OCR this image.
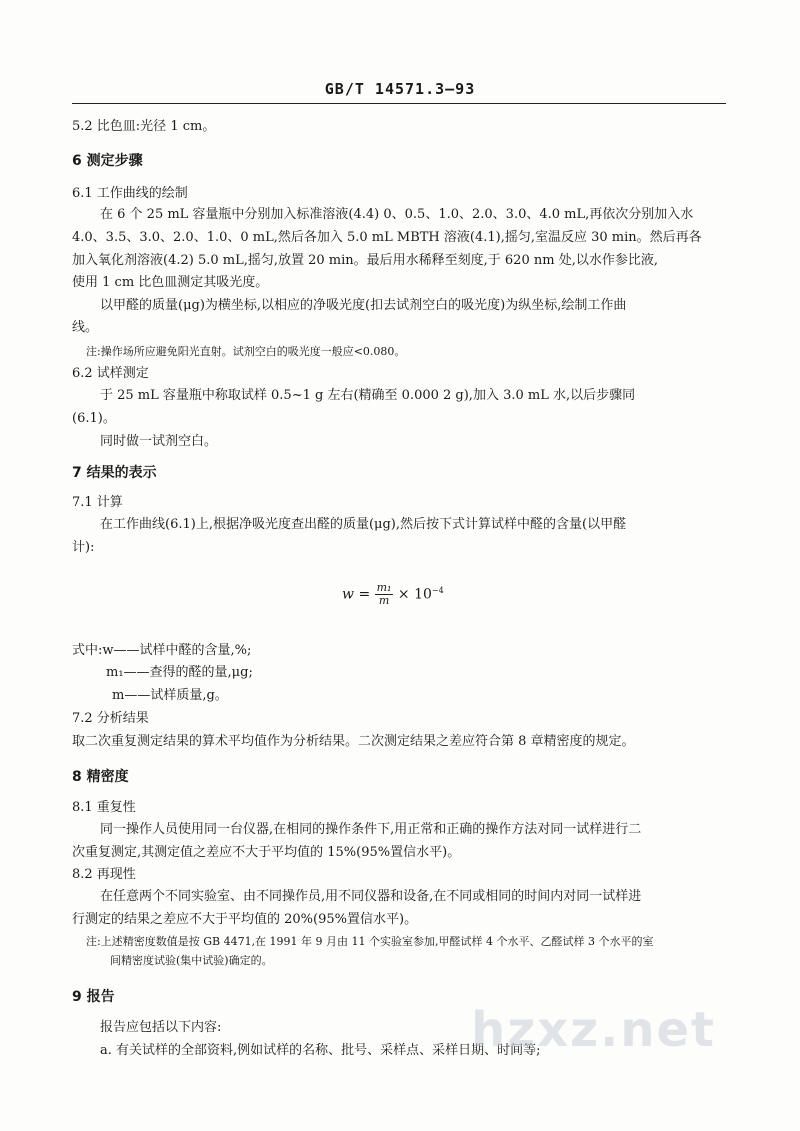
GB/T 14571.3—93
5.2 比色皿:光径 1 cm。
6 测定步骤
6.1 工作曲线的绘制
在 6 个 25 mL 容量瓶中分别加入标准溶液(4.4) 0、0.5、1.0、2.0、3.0、4.0 mL,再依次分别加入水
4.0、3.5、3.0、2.0、1.0、0 mL,然后各加入 5.0 mL MBTH 溶液(4.1),摇匀,室温反应 30 min。然后再各
加入氧化剂溶液(4.2) 5.0 mL,摇匀,放置 20 min。最后用水稀释至刻度,于 620 nm 处,以水作参比液,
使用 1 cm 比色皿测定其吸光度。
以甲醛的质量(μg)为横坐标,以相应的净吸光度(扣去试剂空白的吸光度)为纵坐标,绘制工作曲
线。
注:操作场所应避免阳光直射。试剂空白的吸光度一般应<0.080。
6.2 试样测定
于 25 mL 容量瓶中称取试样 0.5~1 g 左右(精确至 0.000 2 g),加入 3.0 mL 水,以后步骤同
(6.1)。
同时做一试剂空白。
7 结果的表示
7.1 计算
在工作曲线(6.1)上,根据净吸光度查出醛的质量(μg),然后按下式计算试样中醛的含量(以甲醛
计):
$w = \frac{\text{m₁}}{m} \times 10^{-4}$
式中:w——试样中醛的含量,%;
m₁——查得的醛的量,μg;
m——试样质量,g。
7.2 分析结果
取二次重复测定结果的算术平均值作为分析结果。二次测定结果之差应符合第 8 章精密度的规定。
8 精密度
8.1 重复性
同一操作人员使用同一台仪器,在相同的操作条件下,用正常和正确的操作方法对同一试样进行二
次重复测定,其测定值之差应不大于平均值的 15%(95%置信水平)。
8.2 再现性
在任意两个不同实验室、由不同操作员,用不同仪器和设备,在不同或相同的时间内对同一试样进
行测定的结果之差应不大于平均值的 20%(95%置信水平)。
注:上述精密度数值是按 GB 4471,在 1991 年 9 月由 11 个实验室参加,甲醛试样 4 个水平、乙醛试样 3 个水平的室
间精密度试验(集中试验)确定的。
9 报告
报告应包括以下内容:
a. 有关试样的全部资料,例如试样的名称、批号、采样点、采样日期、时间等;
hzxz.net
